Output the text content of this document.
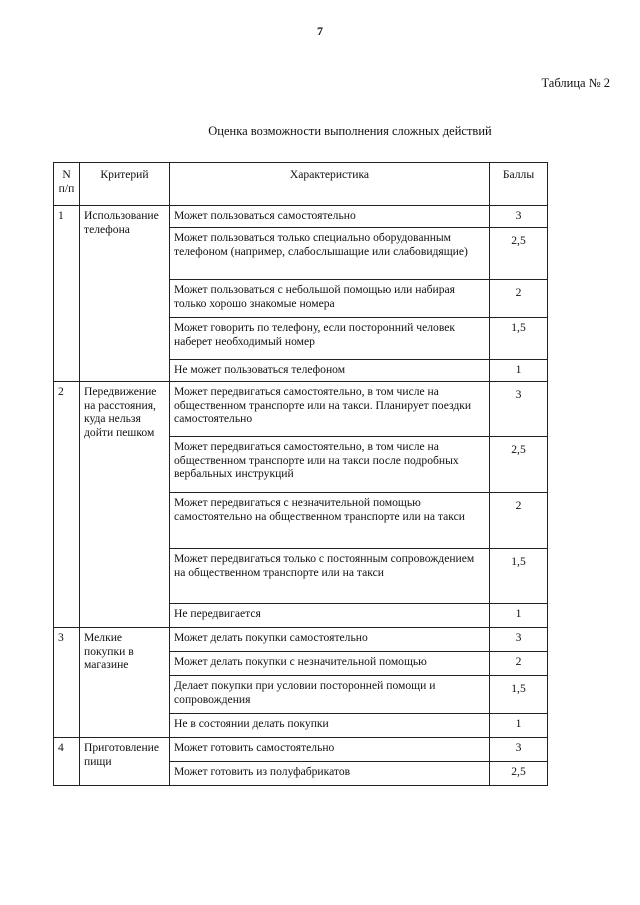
7
Таблица № 2
Оценка возможности выполнения сложных действий
N п/п	Критерий	Характеристика	Баллы
1	Использование телефона	Может пользоваться самостоятельно	3
		Может пользоваться только специально оборудованным телефоном (например, слабослышащие или слабовидящие)	2,5
		Может пользоваться с небольшой помощью или набирая только хорошо знакомые номера	2
		Может говорить по телефону, если посторонний человек наберет необходимый номер	1,5
		Не может пользоваться телефоном	1
2	Передвижение на расстояния, куда нельзя дойти пешком	Может передвигаться самостоятельно, в том числе на общественном транспорте или на такси. Планирует поездки самостоятельно	3
		Может передвигаться самостоятельно, в том числе на общественном транспорте или на такси после подробных вербальных инструкций	2,5
		Может передвигаться с незначительной помощью самостоятельно на общественном транспорте или на такси	2
		Может передвигаться только с постоянным сопровождением на общественном транспорте или на такси	1,5
		Не передвигается	1
3	Мелкие покупки в магазине	Может делать покупки самостоятельно	3
		Может делать покупки с незначительной помощью	2
		Делает покупки при условии посторонней помощи и сопровождения	1,5
		Не в состоянии делать покупки	1
4	Приготовление пищи	Может готовить самостоятельно	3
		Может готовить из полуфабрикатов	2,5
